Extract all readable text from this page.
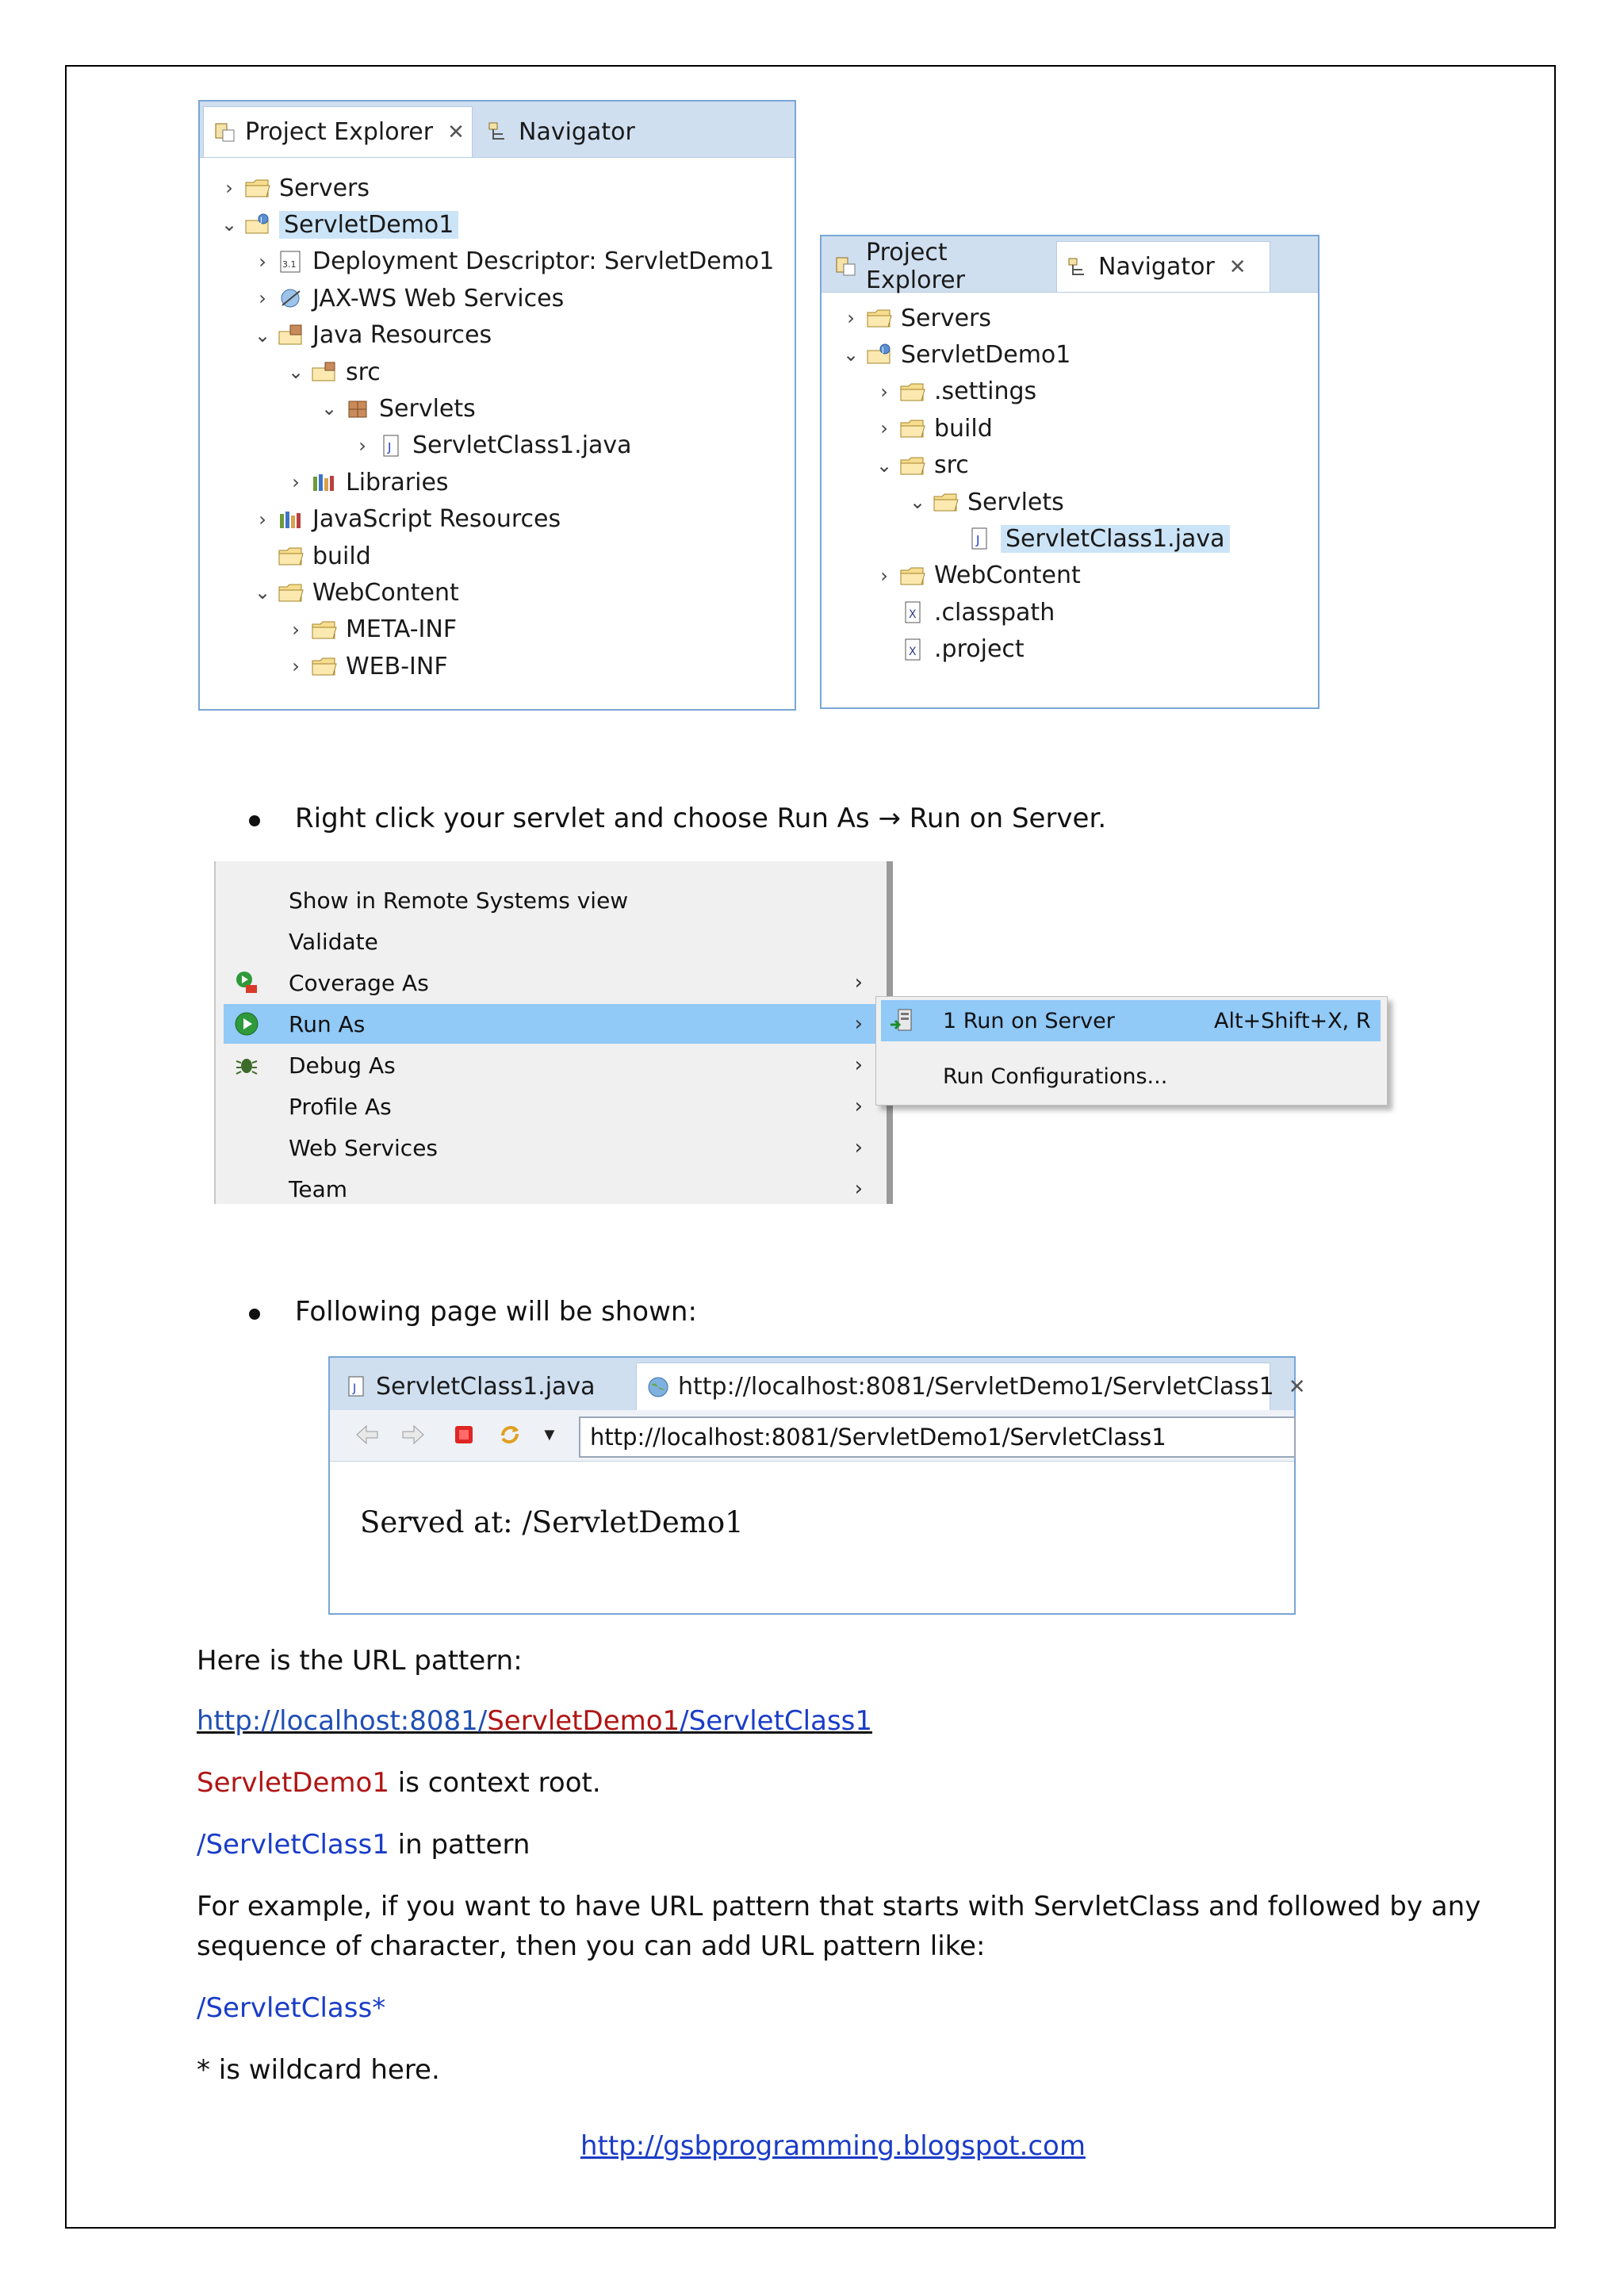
Project Explorer ✕ Navigator
› Servers
⌄	J ServletDemo1
›	3.1 Deployment Descriptor: ServletDemo1
› JAX-WS Web Services
⌄ Java Resources
⌄ src
⌄ Servlets
›	J ServletClass1.java
› Libraries
› JavaScript Resources
build
⌄ WebContent
› META-INF
› WEB-INF
Project Explorer	Navigator ✕
› Servers
⌄	J ServletDemo1
› .settings
› build
⌄ src
⌄ Servlets
J ServletClass1.java
› WebContent
X .classpath
X .project
Right click your servlet and choose Run As → Run on Server.
Show in Remote Systems view
Validate
Coverage As	›
Run As	›
Debug As	›
Profile As	›
Web Services	›
Team	›
1 Run on Server	Alt+Shift+X, R
Run Configurations...
Following page will be shown:
J ServletClass1.java	http://localhost:8081/ServletDemo1/ServletClass1 ✕
▼ http://localhost:8081/ServletDemo1/ServletClass1
Served at: /ServletDemo1
Here is the URL pattern:
http://localhost:8081/ServletDemo1/ServletClass1
ServletDemo1 is context root.
/ServletClass1 in pattern
For example, if you want to have URL pattern that starts with ServletClass and followed by any
sequence of character, then you can add URL pattern like:
/ServletClass*
* is wildcard here.
http://gsbprogramming.blogspot.com
